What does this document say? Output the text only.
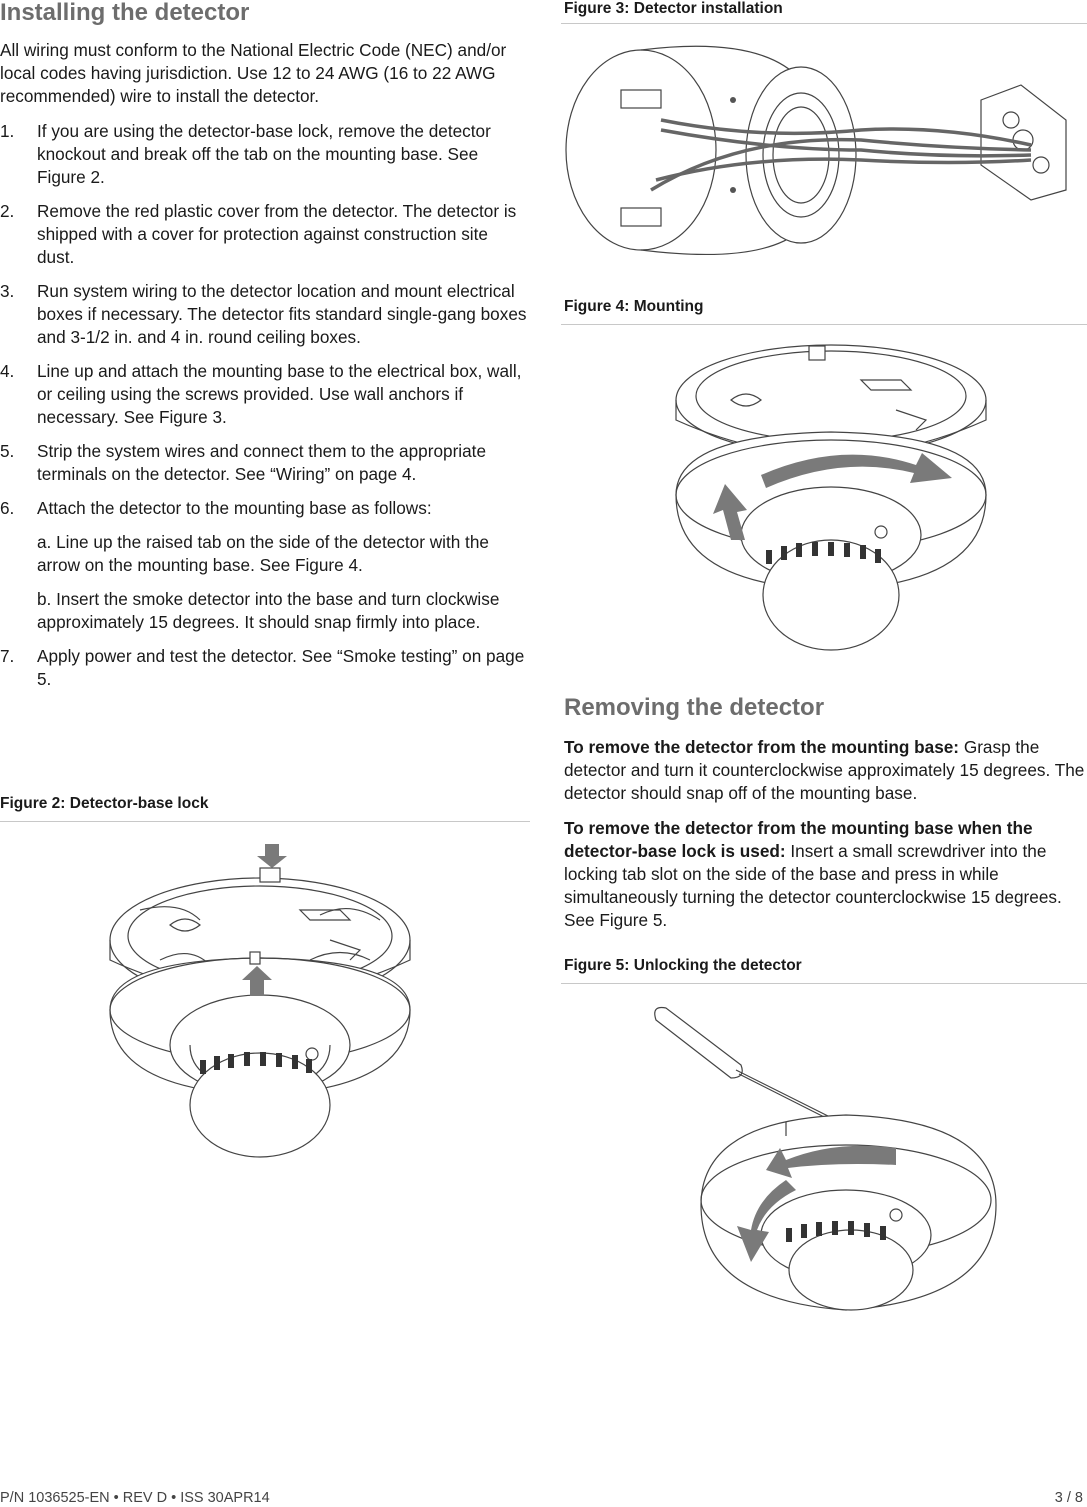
Installing the detector

All wiring must conform to the National Electric Code (NEC) and/or local codes having jurisdiction. Use 12 to 24 AWG (16 to 22 AWG recommended) wire to install the detector.

1. If you are using the detector-base lock, remove the detector knockout and break off the tab on the mounting base. See Figure 2.
2. Remove the red plastic cover from the detector. The detector is shipped with a cover for protection against construction site dust.
3. Run system wiring to the detector location and mount electrical boxes if necessary. The detector fits standard single-gang boxes and 3-1/2 in. and 4 in. round ceiling boxes.
4. Line up and attach the mounting base to the electrical box, wall, or ceiling using the screws provided. Use wall anchors if necessary. See Figure 3.
5. Strip the system wires and connect them to the appropriate terminals on the detector. See “Wiring” on page 4.
6. Attach the detector to the mounting base as follows:
a. Line up the raised tab on the side of the detector with the arrow on the mounting base. See Figure 4.
b. Insert the smoke detector into the base and turn clockwise approximately 15 degrees. It should snap firmly into place.
7. Apply power and test the detector. See “Smoke testing” on page 5.
Figure 2: Detector-base lock
Figure 3: Detector installation
Figure 4: Mounting
Removing the detector

To remove the detector from the mounting base: Grasp the detector and turn it counterclockwise approximately 15 degrees. The detector should snap off of the mounting base.

To remove the detector from the mounting base when the detector-base lock is used: Insert a small screwdriver into the locking tab slot on the side of the base and press in while simultaneously turning the detector counterclockwise 15 degrees. See Figure 5.

Figure 5: Unlocking the detector
P/N 1036525-EN • REV D • ISS 30APR14	3 / 8
